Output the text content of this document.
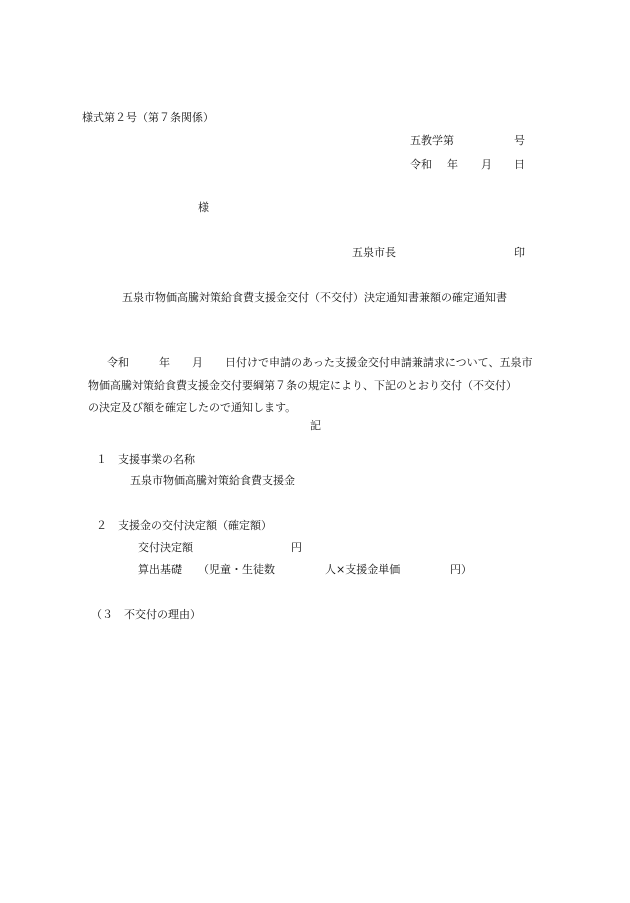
様式第２号（第７条関係）
五教学第	号
令和 年 月 日
様
五泉市長	印
五泉市物価高騰対策給食費支援金交付（不交付）決定通知書兼額の確定通知書
令和	年 月 日付けで申請のあった支援金交付申請兼請求について、五泉市
物価高騰対策給食費支援金交付要綱第７条の規定により、下記のとおり交付（不交付）
の決定及び額を確定したので通知します。
記
１　支援事業の名称
五泉市物価高騰対策給食費支援金
２　支援金の交付決定額（確定額）
交付決定額	円
算出基礎 （児童・生徒数	人×支援金単価	円）
（３　不交付の理由）
